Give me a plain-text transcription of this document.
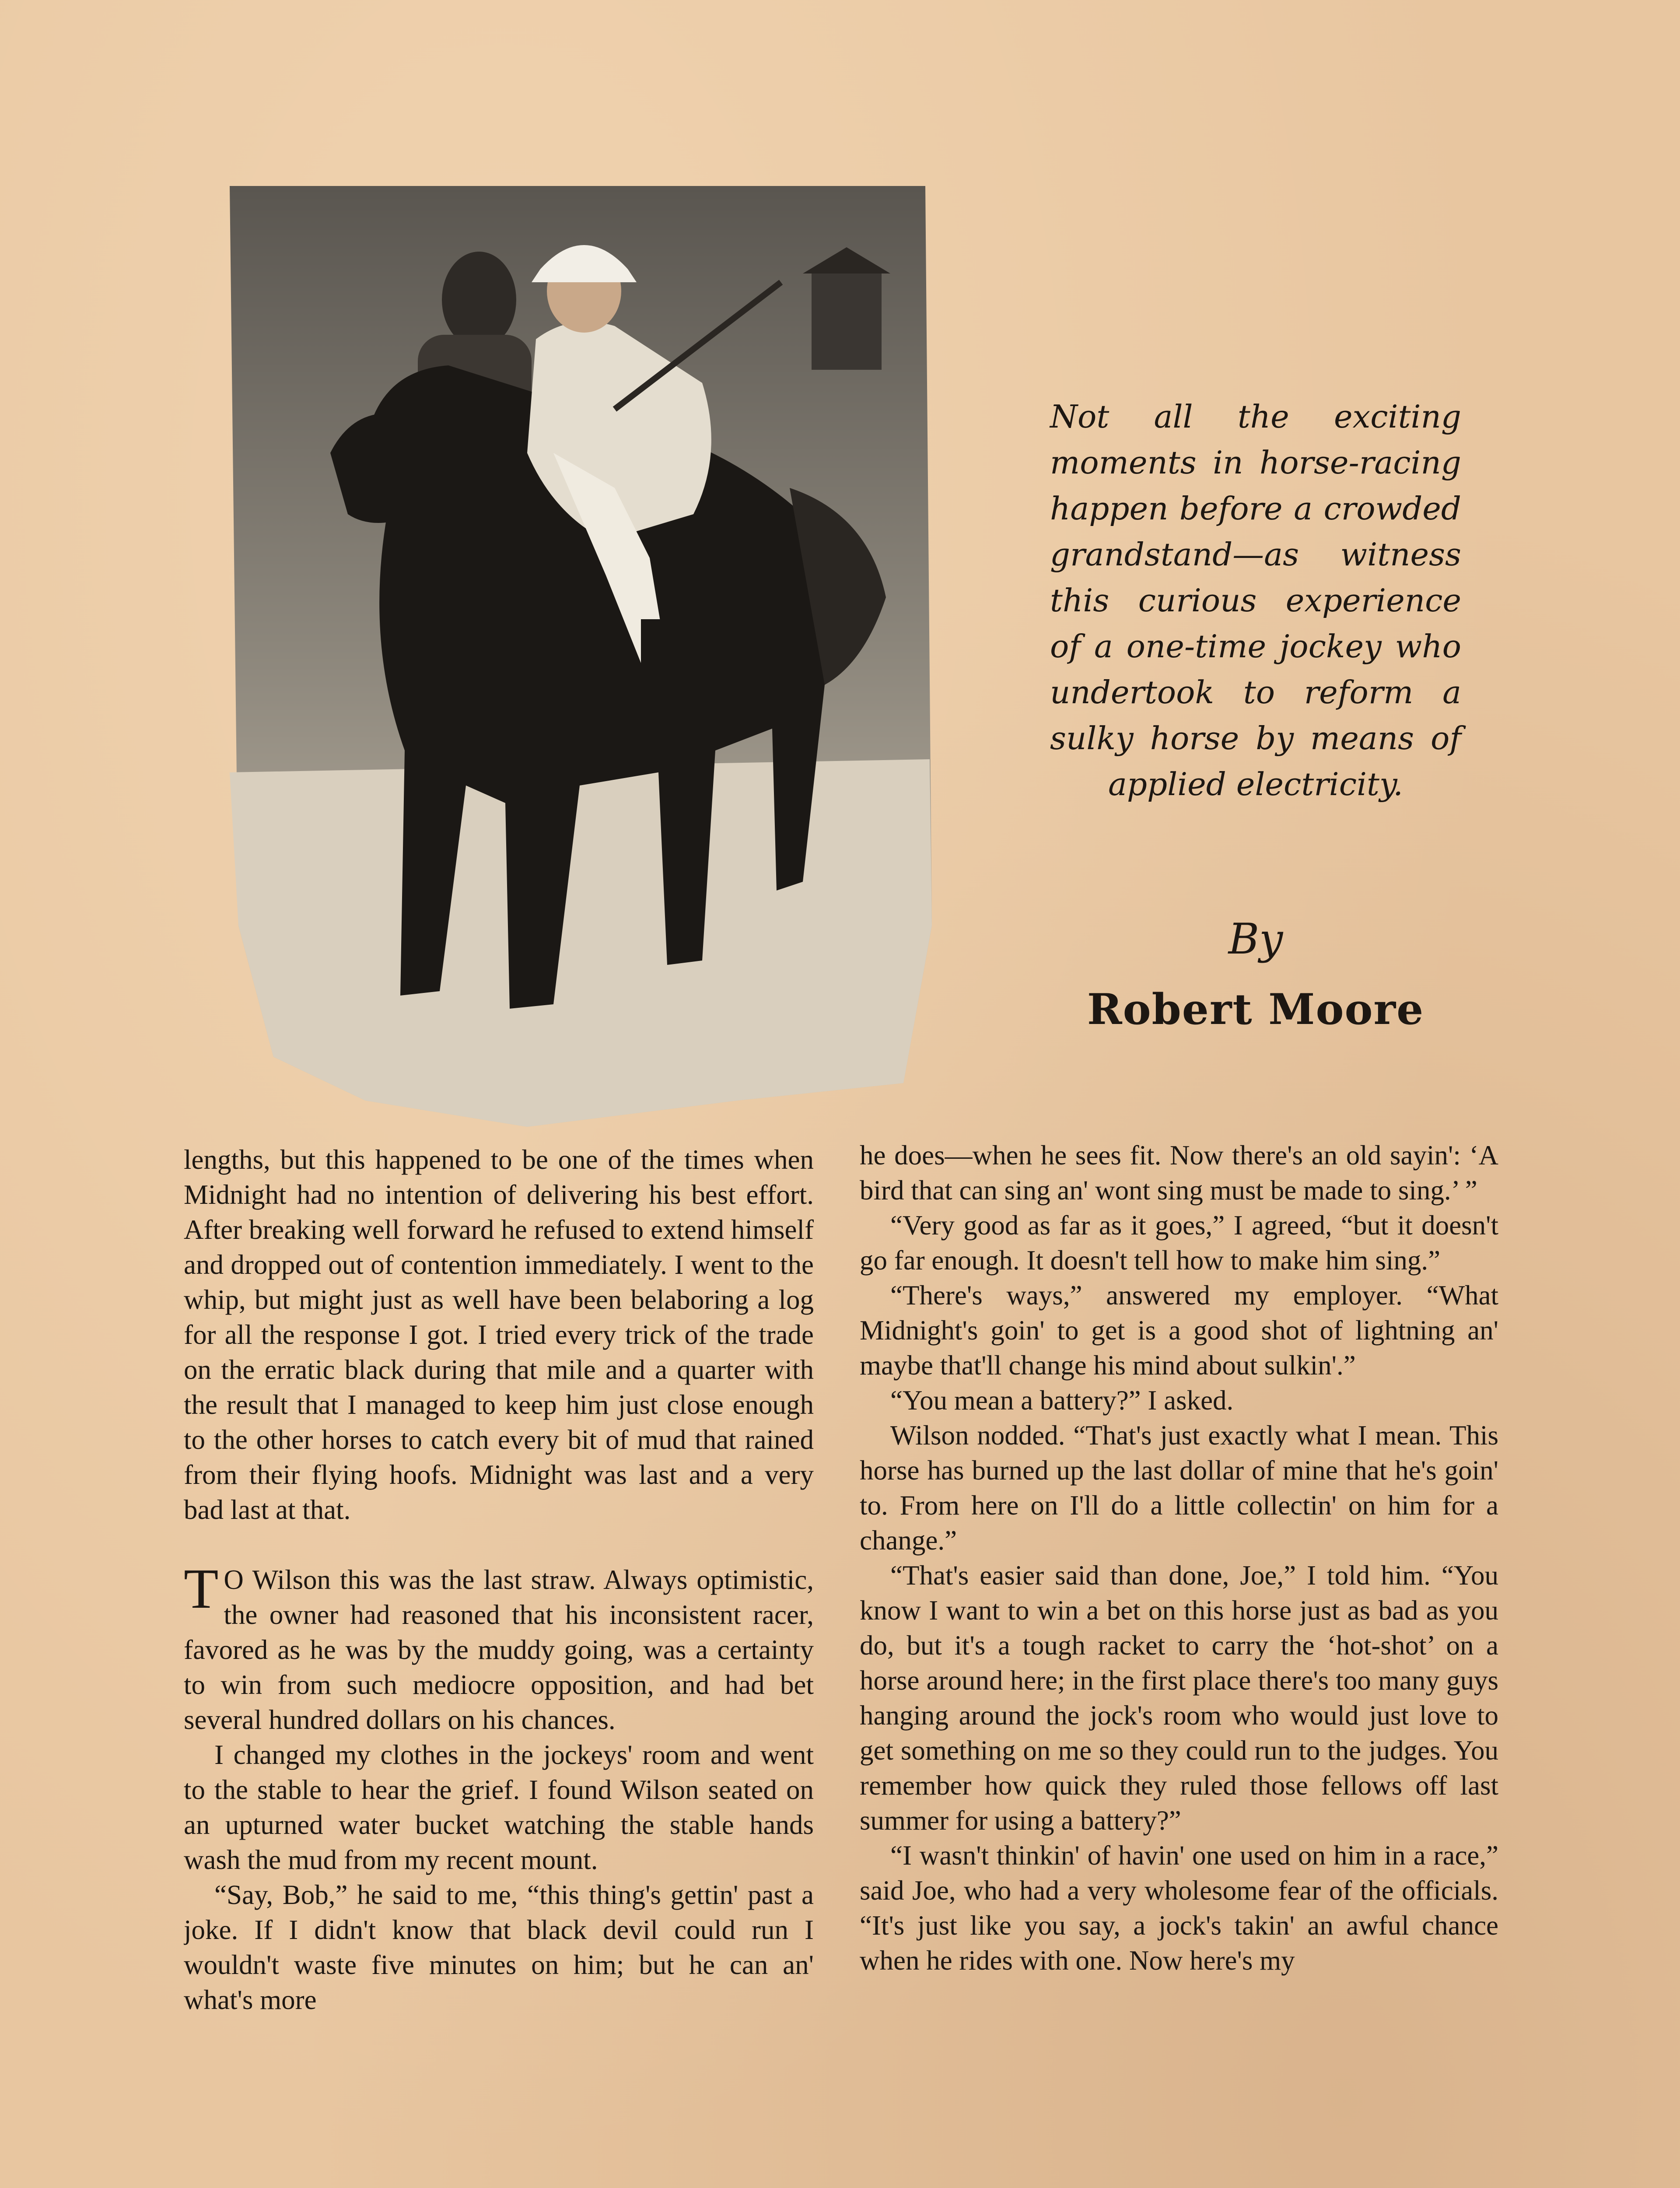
Not all the exciting moments in horse-racing happen before a crowded grandstand—as witness this curious experience of a one-time jockey who undertook to reform a sulky horse by means of applied electricity.
By
Robert Moore

lengths, but this happened to be one of the times when Midnight had no intention of delivering his best effort. After breaking well forward he refused to extend himself and dropped out of contention immediately. I went to the whip, but might just as well have been belaboring a log for all the response I got. I tried every trick of the trade on the erratic black during that mile and a quarter with the result that I managed to keep him just close enough to the other horses to catch every bit of mud that rained from their flying hoofs. Midnight was last and a very bad last at that.

T O Wilson this was the last straw. Always optimistic, the owner had reasoned that his inconsistent racer, favored as he was by the muddy going, was a certainty to win from such mediocre opposition, and had bet several hundred dollars on his chances.

I changed my clothes in the jockeys' room and went to the stable to hear the grief. I found Wilson seated on an upturned water bucket watching the stable hands wash the mud from my recent mount.

“Say, Bob,” he said to me, “this thing's gettin' past a joke. If I didn't know that black devil could run I wouldn't waste five minutes on him; but he can an' what's more

he does—when he sees fit. Now there's an old sayin': ‘A bird that can sing an' wont sing must be made to sing.’ ”

“Very good as far as it goes,” I agreed, “but it doesn't go far enough. It doesn't tell how to make him sing.”

“There's ways,” answered my employer. “What Midnight's goin' to get is a good shot of lightning an' maybe that'll change his mind about sulkin'.”

“You mean a battery?” I asked.

Wilson nodded. “That's just exactly what I mean. This horse has burned up the last dollar of mine that he's goin' to. From here on I'll do a little collectin' on him for a change.”

“That's easier said than done, Joe,” I told him. “You know I want to win a bet on this horse just as bad as you do, but it's a tough racket to carry the ‘hot-shot’ on a horse around here; in the first place there's too many guys hanging around the jock's room who would just love to get something on me so they could run to the judges. You remember how quick they ruled those fellows off last summer for using a battery?”

“I wasn't thinkin' of havin' one used on him in a race,” said Joe, who had a very wholesome fear of the officials. “It's just like you say, a jock's takin' an awful chance when he rides with one. Now here's my
